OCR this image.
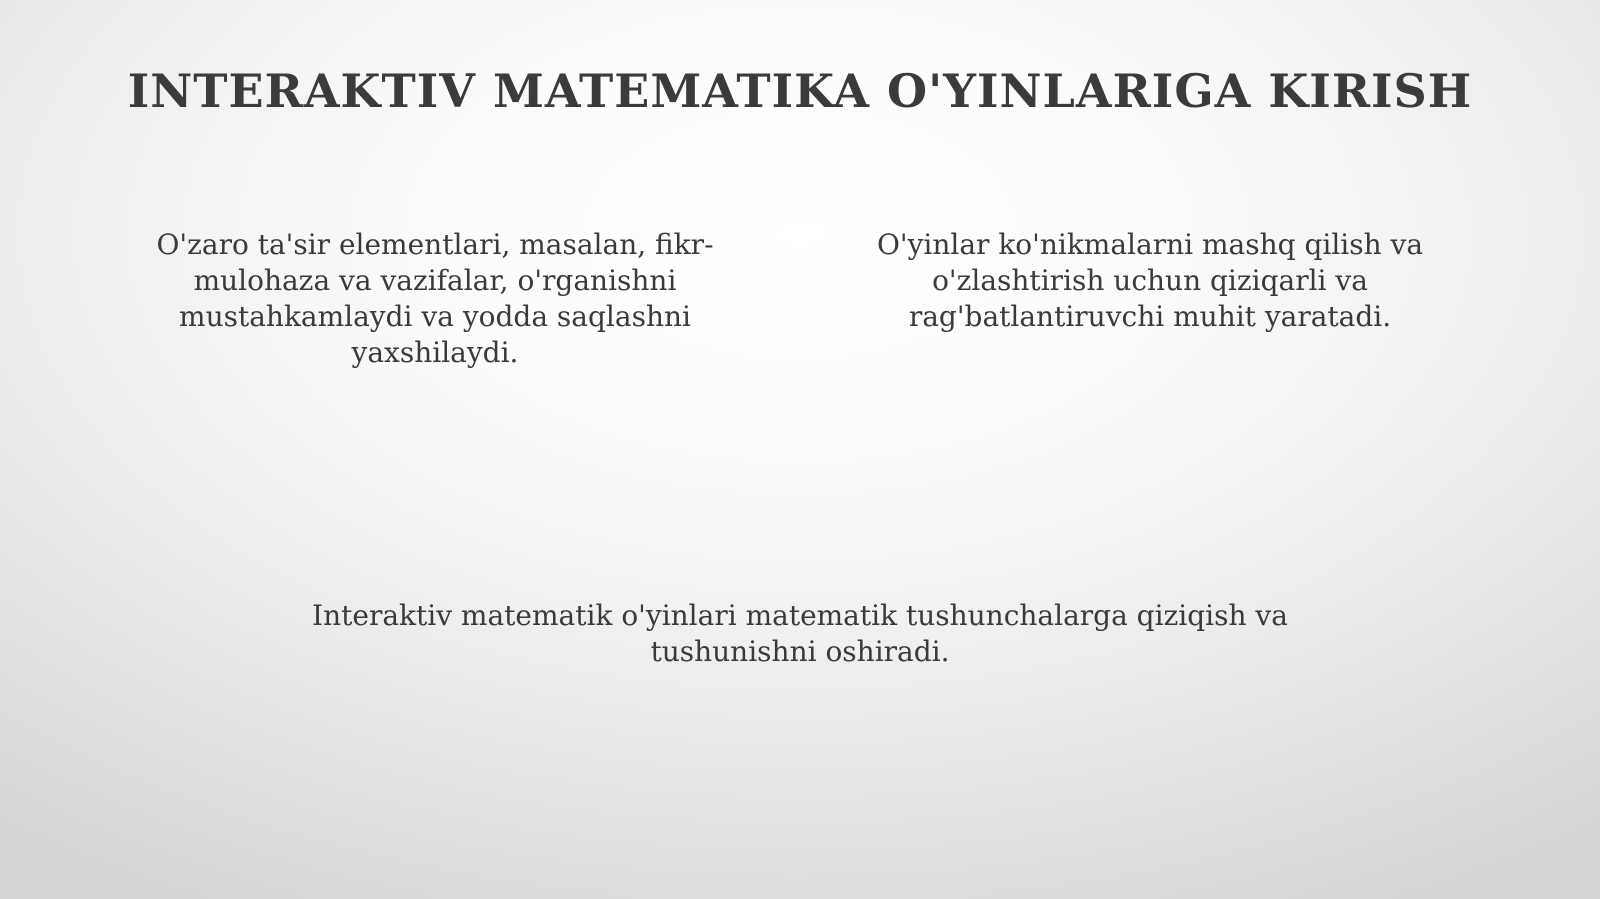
INTERAKTIV MATEMATIKA O'YINLARIGA KIRISH

O'zaro ta'sir elementlari, masalan, fikr-mulohaza va vazifalar, o'rganishni mustahkamlaydi va yodda saqlashni yaxshilaydi.

O'yinlar ko'nikmalarni mashq qilish va o'zlashtirish uchun qiziqarli va rag'batlantiruvchi muhit yaratadi.

Interaktiv matematik o'yinlari matematik tushunchalarga qiziqish va tushunishni oshiradi.
